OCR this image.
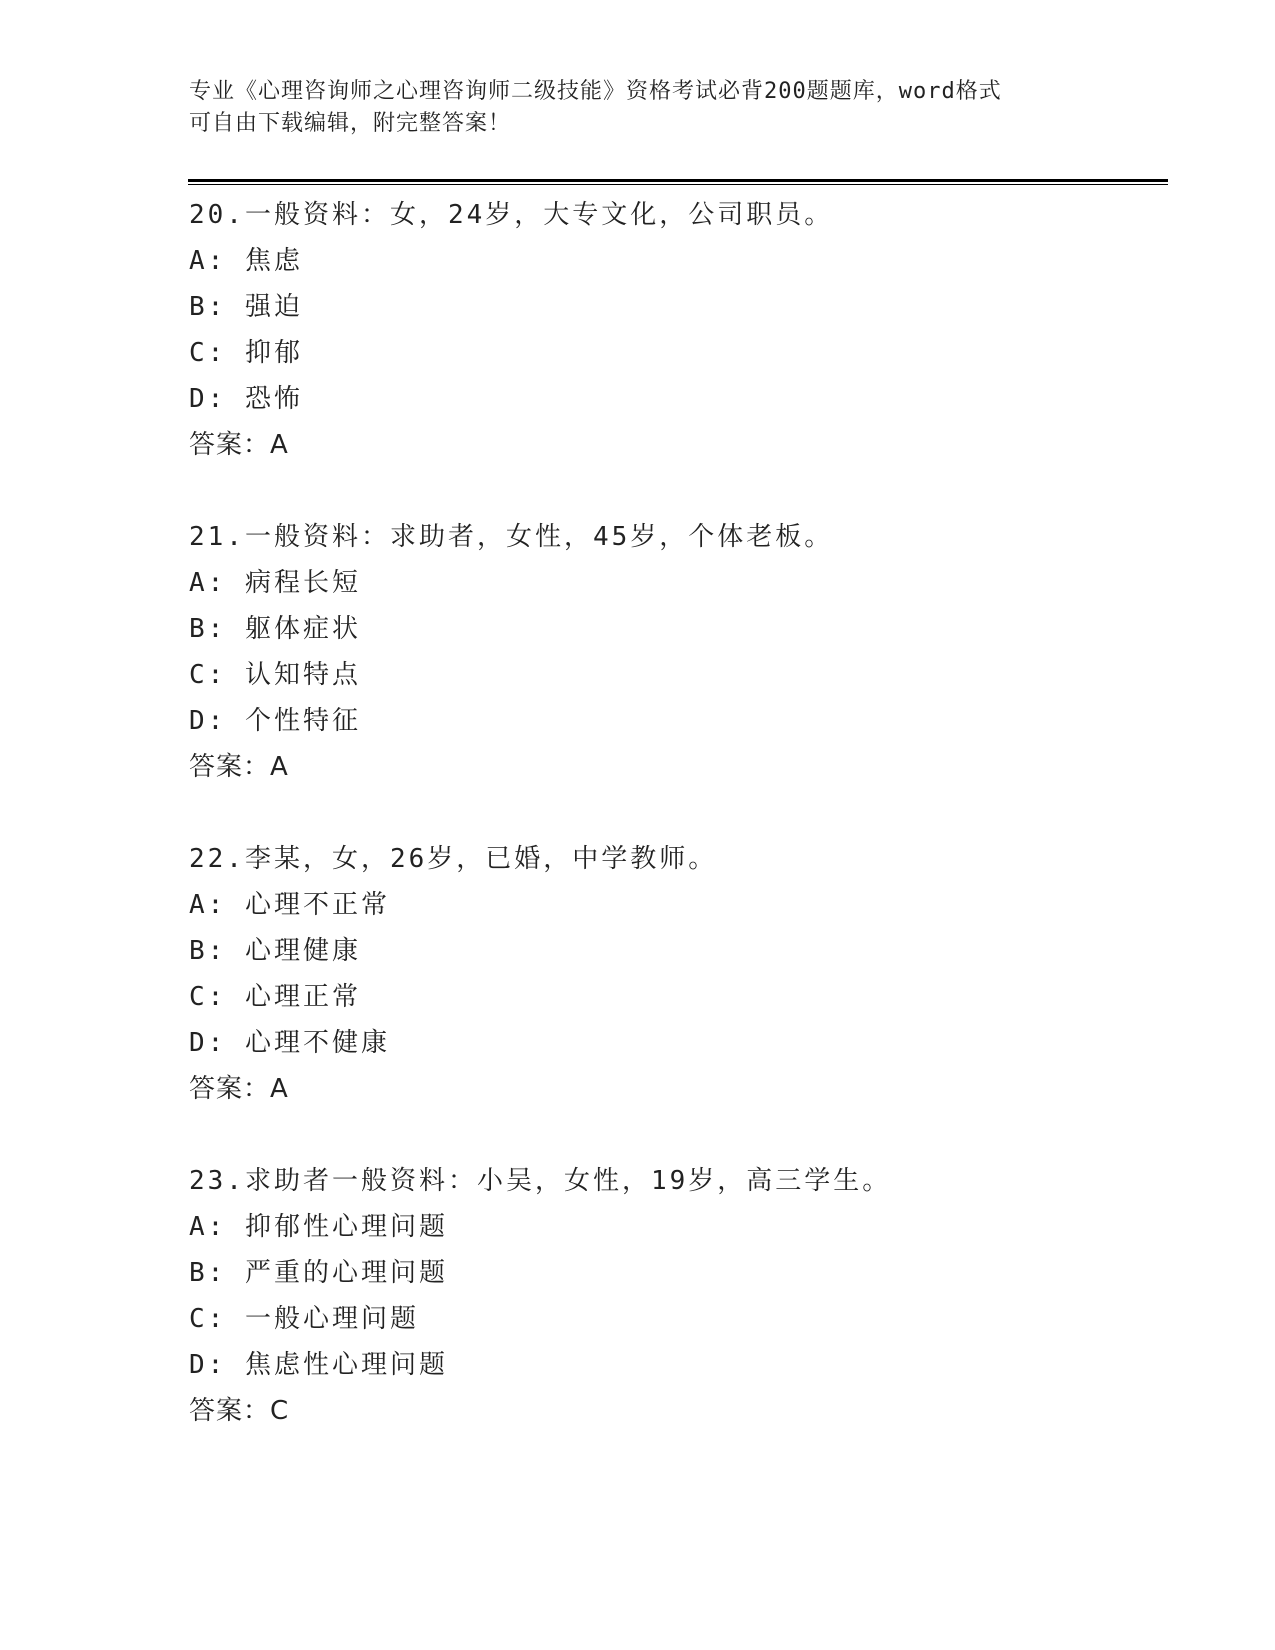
专业《心理咨询师之心理咨询师二级技能》资格考试必背200题题库，word格式
可自由下载编辑，附完整答案！
20.一般资料：女，24岁，大专文化，公司职员。
A: 焦虑
B: 强迫
C: 抑郁
D: 恐怖
答案：A
21.一般资料：求助者，女性，45岁，个体老板。
A: 病程长短
B: 躯体症状
C: 认知特点
D: 个性特征
答案：A
22.李某，女，26岁，已婚，中学教师。
A: 心理不正常
B: 心理健康
C: 心理正常
D: 心理不健康
答案：A
23.求助者一般资料：小吴，女性，19岁，高三学生。
A: 抑郁性心理问题
B: 严重的心理问题
C: 一般心理问题
D: 焦虑性心理问题
答案：C
